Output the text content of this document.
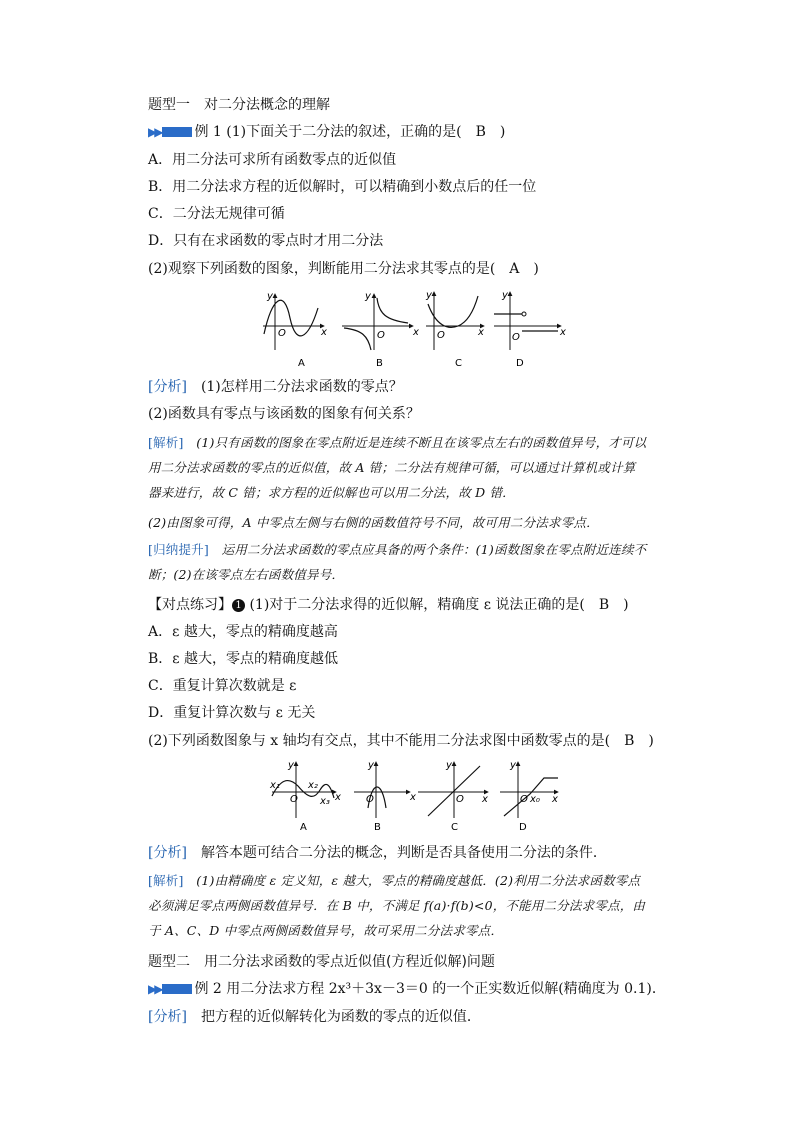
题型一　对二分法概念的理解
▶▶ 例 1 (1)下面关于二分法的叙述，正确的是(　B　)
A．用二分法可求所有函数零点的近似值
B．用二分法求方程的近似解时，可以精确到小数点后的任一位
C．二分法无规律可循
D．只有在求函数的零点时才用二分法
(2)观察下列函数的图象，判断能用二分法求其零点的是(　A　)
y
O	x
y
O	x
y
O	x
y
O	x
A	B	C	D
[分析]　 (1)怎样用二分法求函数的零点？
(2)函数具有零点与该函数的图象有何关系？
[解析]　 (1)只有函数的图象在零点附近是连续不断且在该零点左右的函数值异号，才可以用二分法求函数的零点的近似值，故 A 错；二分法有规律可循，可以通过计算机或计算器来进行，故 C 错；求方程的近似解也可以用二分法，故 D 错．
(2)由图象可得，A 中零点左侧与右侧的函数值符号不同，故可用二分法求零点．
[归纳提升]　 运用二分法求函数的零点应具备的两个条件：(1)函数图象在零点附近连续不断；(2)在该零点左右函数值异号．
【对点练习】 1 (1)对于二分法求得的近似解，精确度 ε 说法正确的是(　B　)
A．ε 越大，零点的精确度越高
B．ε 越大，零点的精确度越低
C．重复计算次数就是 ε
D．重复计算次数与 ε 无关
(2)下列函数图象与 x 轴均有交点，其中不能用二分法求图中函数零点的是(　B　)
x₁	x₂
x₃
O	x
y	y
O	x
y
O x
y
O x₀ x
A	B	C	D
[分析]　 解答本题可结合二分法的概念，判断是否具备使用二分法的条件．
[解析]　 (1)由精确度 ε 定义知，ε 越大，零点的精确度越低．(2)利用二分法求函数零点必须满足零点两侧函数值异号．在 B 中，不满足 f(a)·f(b)<0，不能用二分法求零点，由于 A、C、D 中零点两侧函数值异号，故可采用二分法求零点．
题型二　用二分法求函数的零点近似值(方程近似解)问题
▶▶ 例 2 用二分法求方程 2x³＋3x－3＝0 的一个正实数近似解(精确度为 0.1)．
[分析]　 把方程的近似解转化为函数的零点的近似值．
